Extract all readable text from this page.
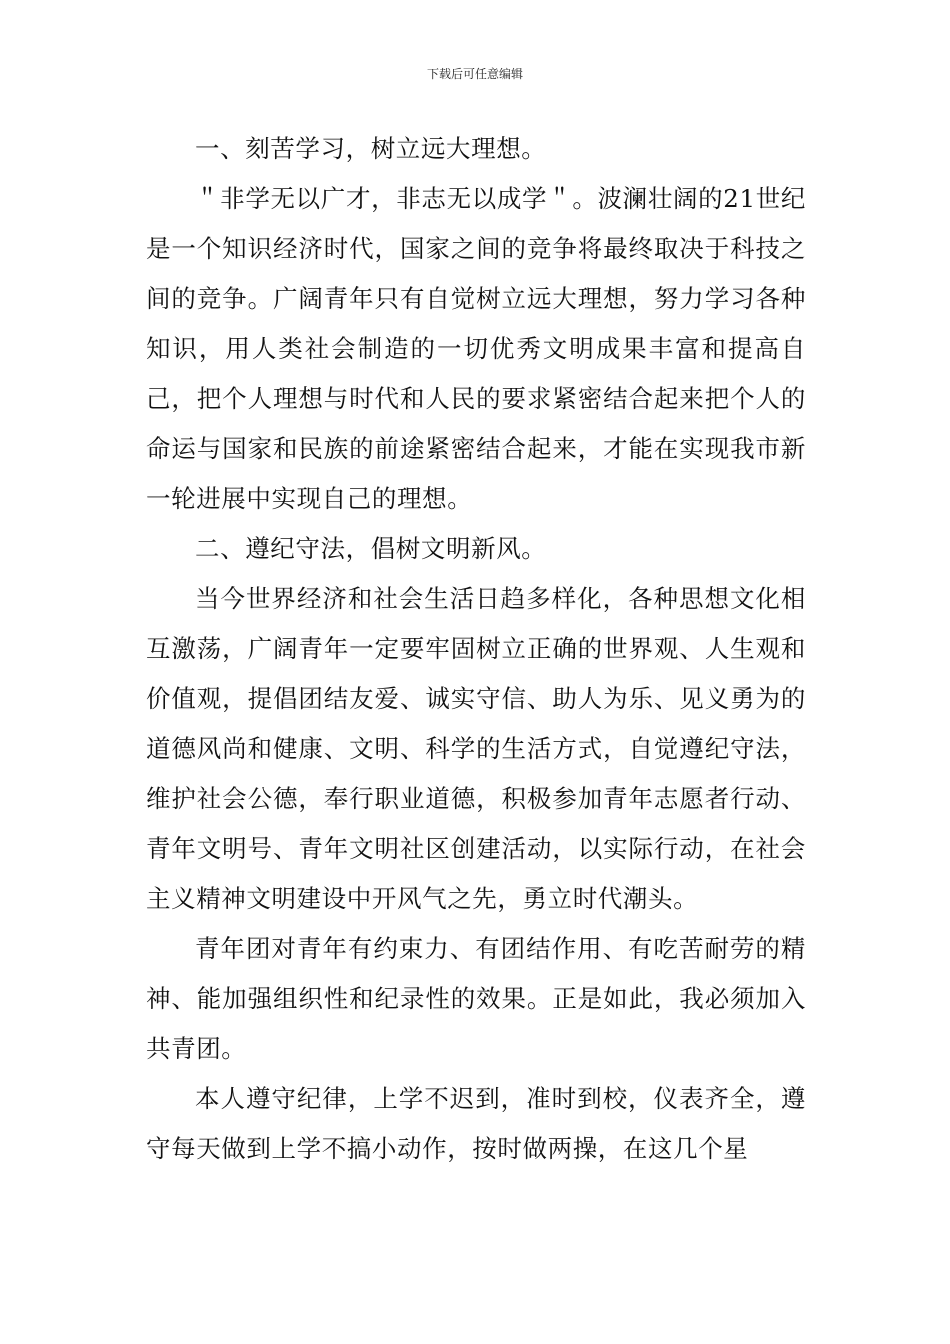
下载后可任意编辑

一、刻苦学习，树立远大理想。

＂非学无以广才，非志无以成学＂。波澜壮阔的21世纪是一个知识经济时代，国家之间的竞争将最终取决于科技之间的竞争。广阔青年只有自觉树立远大理想，努力学习各种知识，用人类社会制造的一切优秀文明成果丰富和提高自己，把个人理想与时代和人民的要求紧密结合起来把个人的命运与国家和民族的前途紧密结合起来，才能在实现我市新一轮进展中实现自己的理想。

二、遵纪守法，倡树文明新风。

当今世界经济和社会生活日趋多样化，各种思想文化相互激荡，广阔青年一定要牢固树立正确的世界观、人生观和价值观，提倡团结友爱、诚实守信、助人为乐、见义勇为的道德风尚和健康、文明、科学的生活方式，自觉遵纪守法，维护社会公德，奉行职业道德，积极参加青年志愿者行动、青年文明号、青年文明社区创建活动，以实际行动，在社会主义精神文明建设中开风气之先，勇立时代潮头。

青年团对青年有约束力、有团结作用、有吃苦耐劳的精神、能加强组织性和纪录性的效果。正是如此，我必须加入共青团。

本人遵守纪律，上学不迟到，准时到校，仪表齐全，遵守每天做到上学不搞小动作，按时做两操，在这几个星
